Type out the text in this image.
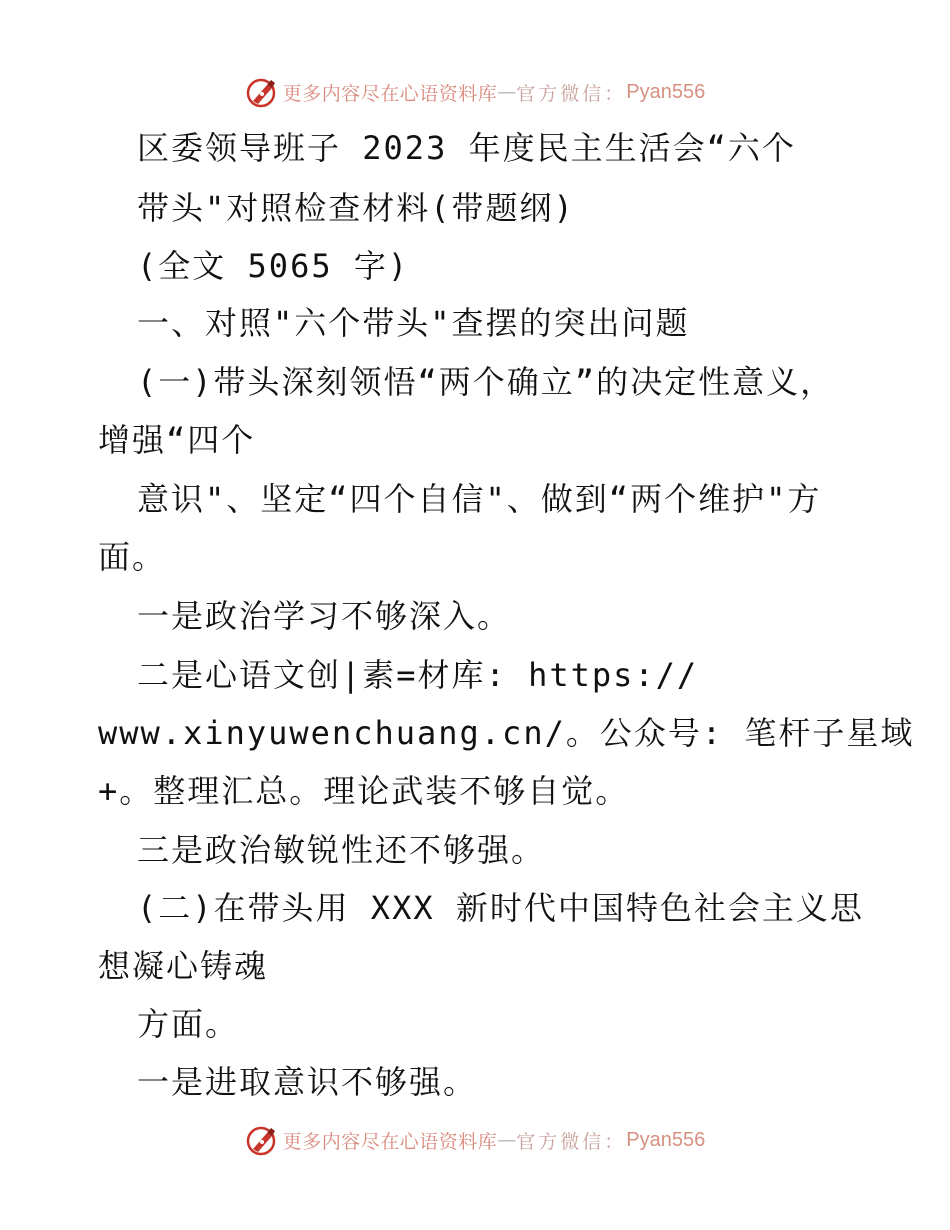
更多内容尽在心语资料库 — 官方微信： Pyan556
区委领导班子 2023 年度民主生活会“六个
带头"对照检查材料(带题纲)
(全文 5065 字)
一、对照"六个带头"查摆的突出问题
(一)带头深刻领悟“两个确立”的决定性意义，
增强“四个
意识"、坚定“四个自信"、做到“两个维护"方
面。
一是政治学习不够深入。
二是心语文创|素=材库: https://
www.xinyuwenchuang.cn/。公众号: 笔杆子星域
+。整理汇总。理论武装不够自觉。
三是政治敏锐性还不够强。
(二)在带头用 XXX 新时代中国特色社会主义思
想凝心铸魂
方面。
一是进取意识不够强。
更多内容尽在心语资料库 — 官方微信： Pyan556
